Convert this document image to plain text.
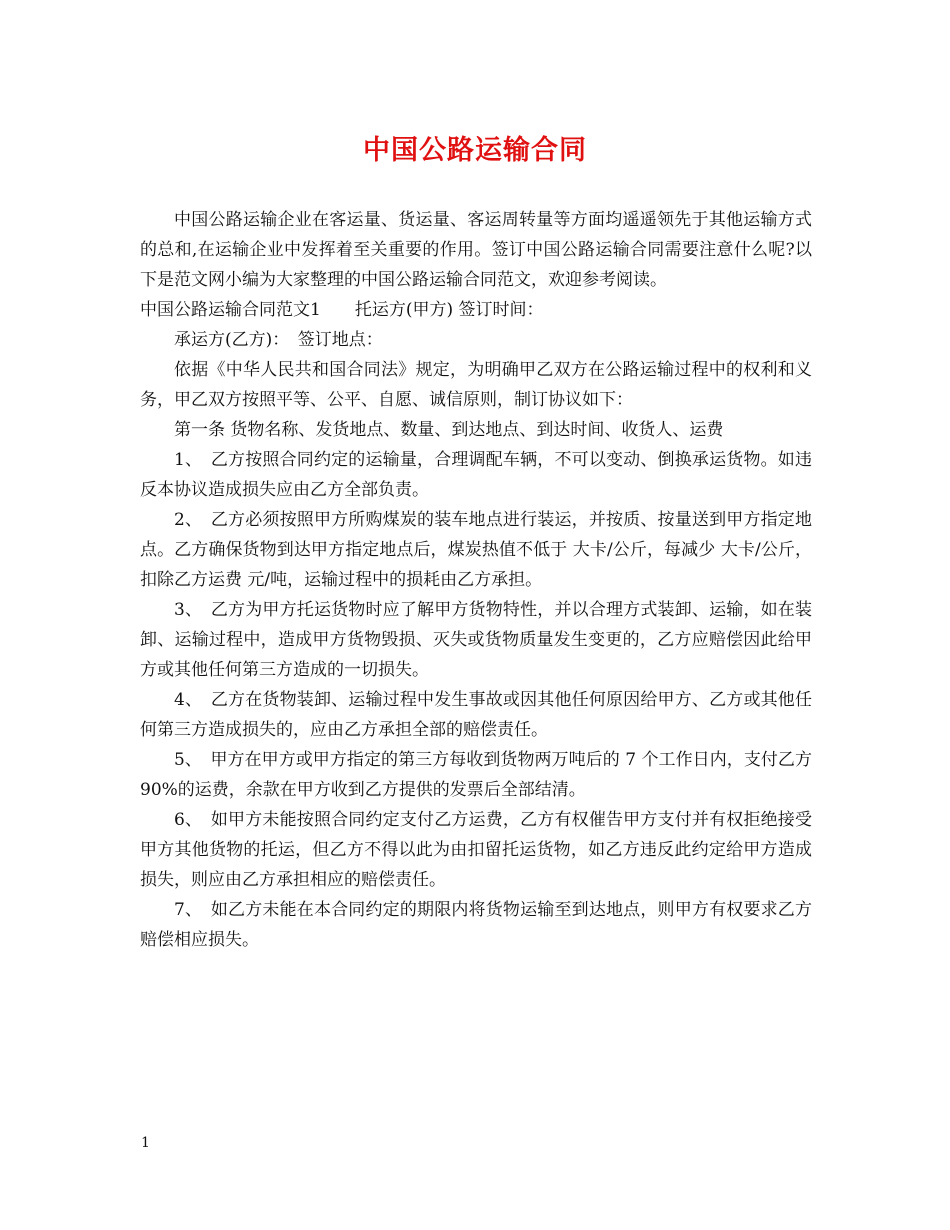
中国公路运输合同

中国公路运输企业在客运量、货运量、客运周转量等方面均遥遥领先于其他运输方式的总和,在运输企业中发挥着至关重要的作用。签订中国公路运输合同需要注意什么呢?以下是范文网小编为大家整理的中国公路运输合同范文，欢迎参考阅读。

中国公路运输合同范文1　　托运方(甲方) 签订时间：

承运方(乙方)：　签订地点：

依据《中华人民共和国合同法》规定，为明确甲乙双方在公路运输过程中的权利和义务，甲乙双方按照平等、公平、自愿、诚信原则，制订协议如下：

第一条 货物名称、发货地点、数量、到达地点、到达时间、收货人、运费

1、　乙方按照合同约定的运输量，合理调配车辆，不可以变动、倒换承运货物。如违反本协议造成损失应由乙方全部负责。

2、　乙方必须按照甲方所购煤炭的装车地点进行装运，并按质、按量送到甲方指定地点。乙方确保货物到达甲方指定地点后，煤炭热值不低于 大卡/公斤，每减少 大卡/公斤，扣除乙方运费 元/吨，运输过程中的损耗由乙方承担。

3、　乙方为甲方托运货物时应了解甲方货物特性，并以合理方式装卸、运输，如在装卸、运输过程中，造成甲方货物毁损、灭失或货物质量发生变更的，乙方应赔偿因此给甲方或其他任何第三方造成的一切损失。

4、　乙方在货物装卸、运输过程中发生事故或因其他任何原因给甲方、乙方或其他任何第三方造成损失的，应由乙方承担全部的赔偿责任。

5、　甲方在甲方或甲方指定的第三方每收到货物两万吨后的 7 个工作日内，支付乙方 90%的运费，余款在甲方收到乙方提供的发票后全部结清。

6、　如甲方未能按照合同约定支付乙方运费，乙方有权催告甲方支付并有权拒绝接受甲方其他货物的托运，但乙方不得以此为由扣留托运货物，如乙方违反此约定给甲方造成损失，则应由乙方承担相应的赔偿责任。

7、　如乙方未能在本合同约定的期限内将货物运输至到达地点，则甲方有权要求乙方赔偿相应损失。

1
